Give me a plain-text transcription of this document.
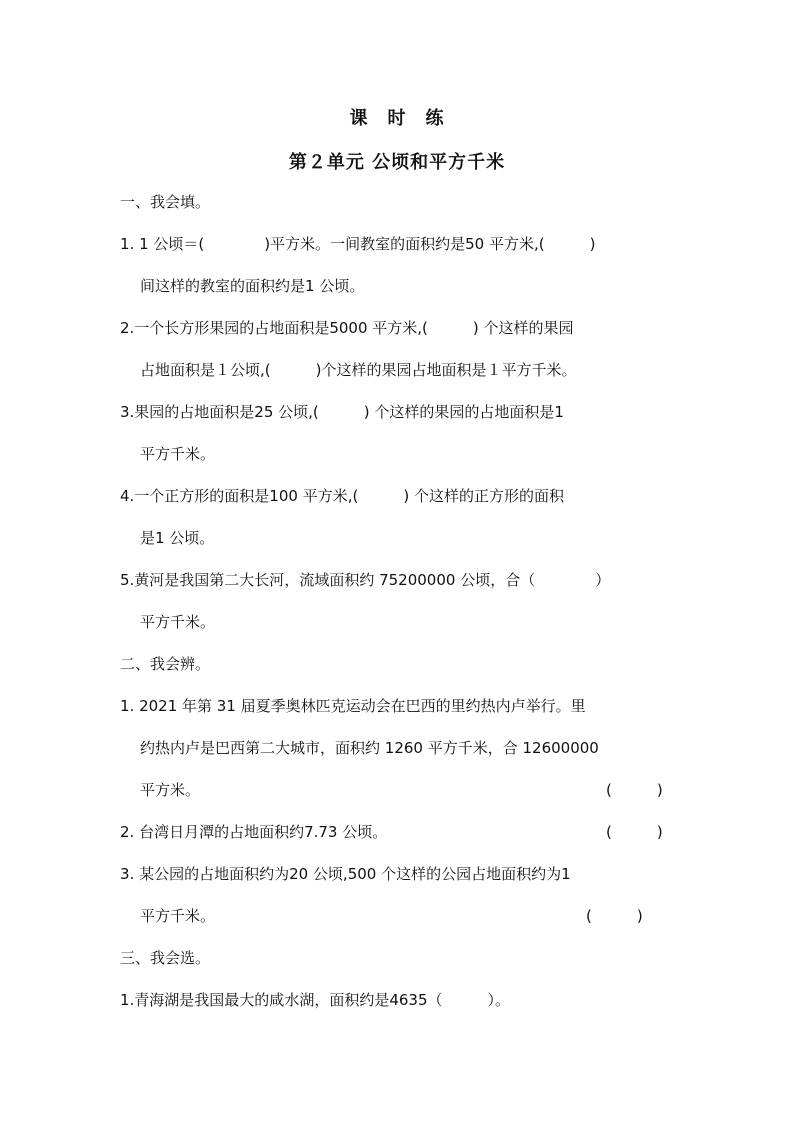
课　时　练
第２单元 公顷和平方千米
一、我会填。
1. 1 公顷＝(　　　　)平方米。一间教室的面积约是50 平方米,(　　　)
间这样的教室的面积约是1 公顷。
2.一个长方形果园的占地面积是5000 平方米,(　　　) 个这样的果园
占地面积是１公顷,(　　　)个这样的果园占地面积是１平方千米。
3.果园的占地面积是25 公顷,(　　　) 个这样的果园的占地面积是1
平方千米。
4.一个正方形的面积是100 平方米,(　　　) 个这样的正方形的面积
是1 公顷。
5.黄河是我国第二大长河，流域面积约 75200000 公顷，合（　　　　）
平方千米。
二、我会辨。
1. 2021 年第 31 届夏季奥林匹克运动会在巴西的里约热内卢举行。里
约热内卢是巴西第二大城市，面积约 1260 平方千米，合 12600000
平方米。	(　　　)
2. 台湾日月潭的占地面积约7.73 公顷。	(　　　)
3. 某公园的占地面积约为20 公顷,500 个这样的公园占地面积约为1
平方千米。	(　　　)
三、我会选。
1.青海湖是我国最大的咸水湖，面积约是4635（　　　）。
